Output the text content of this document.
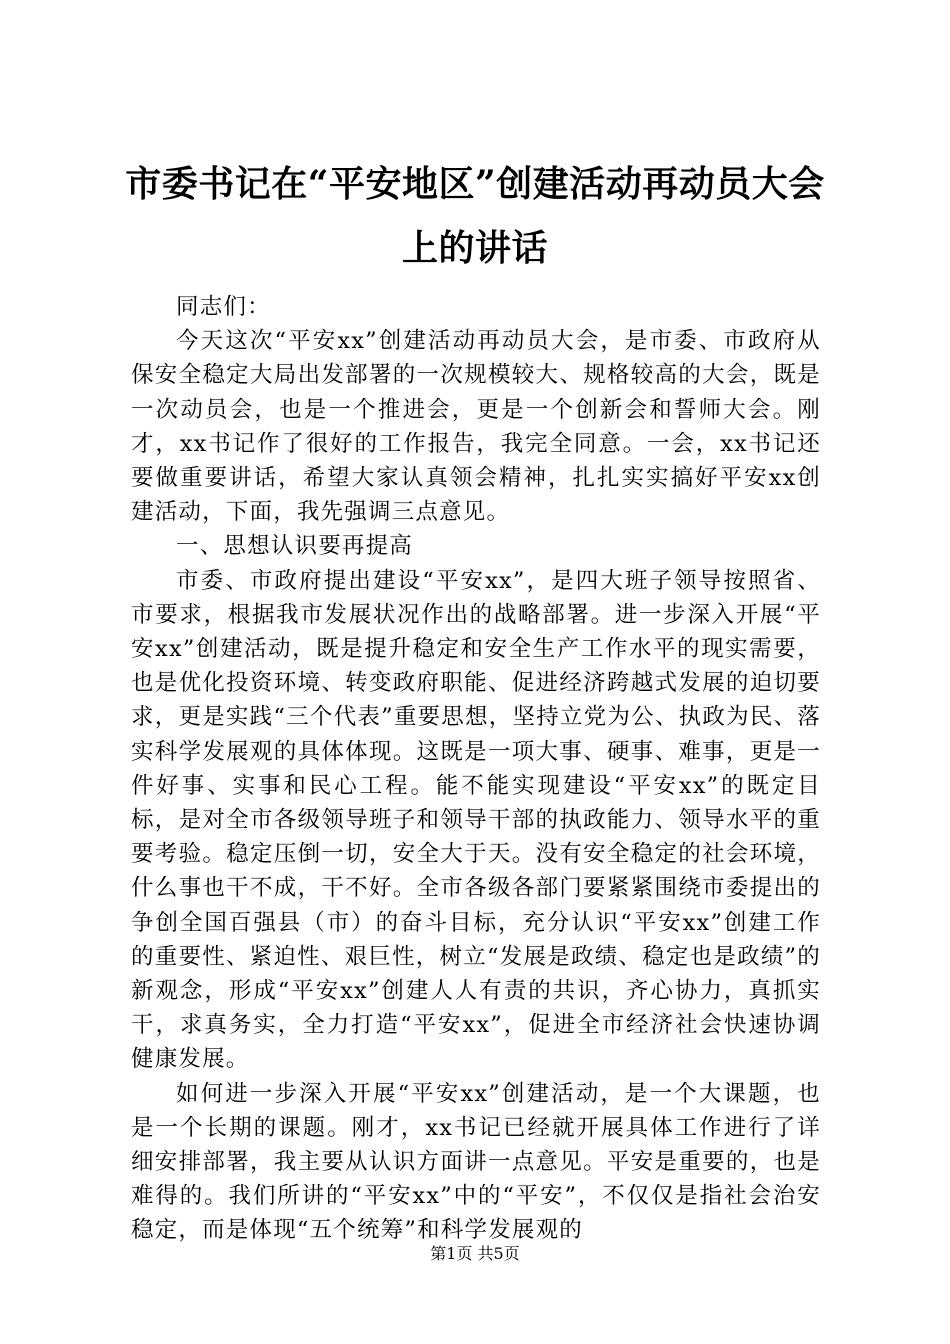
市委书记在“平安地区”创建活动再动员大会
上的讲话

同志们：

今天这次“平安xx”创建活动再动员大会，是市委、市政府从保安全稳定大局出发部署的一次规模较大、规格较高的大会，既是一次动员会，也是一个推进会，更是一个创新会和誓师大会。刚才，xx书记作了很好的工作报告，我完全同意。一会，xx书记还要做重要讲话，希望大家认真领会精神，扎扎实实搞好平安xx创建活动，下面，我先强调三点意见。

一、思想认识要再提高

市委、市政府提出建设“平安xx”，是四大班子领导按照省、市要求，根据我市发展状况作出的战略部署。进一步深入开展“平安xx”创建活动，既是提升稳定和安全生产工作水平的现实需要，也是优化投资环境、转变政府职能、促进经济跨越式发展的迫切要求，更是实践“三个代表”重要思想，坚持立党为公、执政为民、落实科学发展观的具体体现。这既是一项大事、硬事、难事，更是一件好事、实事和民心工程。能不能实现建设“平安xx”的既定目标，是对全市各级领导班子和领导干部的执政能力、领导水平的重要考验。稳定压倒一切，安全大于天。没有安全稳定的社会环境，什么事也干不成，干不好。全市各级各部门要紧紧围绕市委提出的争创全国百强县（市）的奋斗目标，充分认识“平安xx”创建工作的重要性、紧迫性、艰巨性，树立“发展是政绩、稳定也是政绩”的新观念，形成“平安xx”创建人人有责的共识，齐心协力，真抓实干，求真务实，全力打造“平安xx”，促进全市经济社会快速协调健康发展。

如何进一步深入开展“平安xx”创建活动，是一个大课题，也是一个长期的课题。刚才，xx书记已经就开展具体工作进行了详细安排部署，我主要从认识方面讲一点意见。平安是重要的，也是难得的。我们所讲的“平安xx”中的“平安”，不仅仅是指社会治安稳定，而是体现“五个统筹”和科学发展观的

第1页 共5页
